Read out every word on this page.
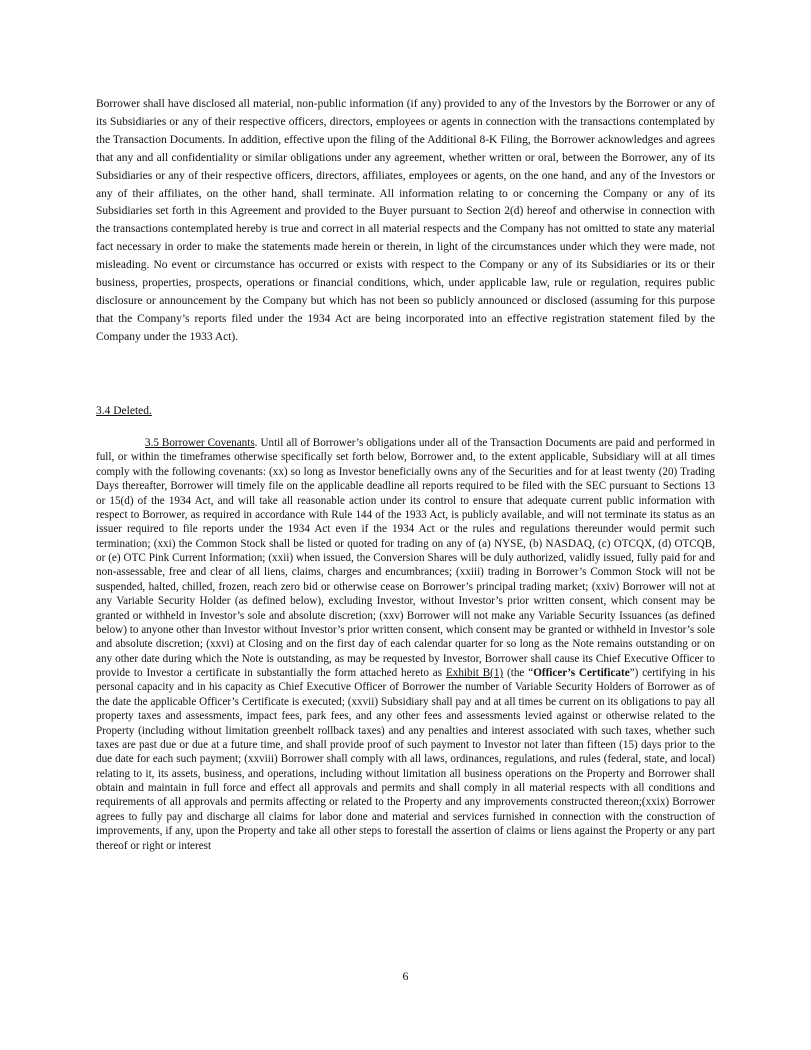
Borrower shall have disclosed all material, non-public information (if any) provided to any of the Investors by the Borrower or any of its Subsidiaries or any of their respective officers, directors, employees or agents in connection with the transactions contemplated by the Transaction Documents. In addition, effective upon the filing of the Additional 8-K Filing, the Borrower acknowledges and agrees that any and all confidentiality or similar obligations under any agreement, whether written or oral, between the Borrower, any of its Subsidiaries or any of their respective officers, directors, affiliates, employees or agents, on the one hand, and any of the Investors or any of their affiliates, on the other hand, shall terminate. All information relating to or concerning the Company or any of its Subsidiaries set forth in this Agreement and provided to the Buyer pursuant to Section 2(d) hereof and otherwise in connection with the transactions contemplated hereby is true and correct in all material respects and the Company has not omitted to state any material fact necessary in order to make the statements made herein or therein, in light of the circumstances under which they were made, not misleading. No event or circumstance has occurred or exists with respect to the Company or any of its Subsidiaries or its or their business, properties, prospects, operations or financial conditions, which, under applicable law, rule or regulation, requires public disclosure or announcement by the Company but which has not been so publicly announced or disclosed (assuming for this purpose that the Company’s reports filed under the 1934 Act are being incorporated into an effective registration statement filed by the Company under the 1933 Act).

3.4 Deleted.

3.5 Borrower Covenants. Until all of Borrower’s obligations under all of the Transaction Documents are paid and performed in full, or within the timeframes otherwise specifically set forth below, Borrower and, to the extent applicable, Subsidiary will at all times comply with the following covenants: (xx) so long as Investor beneficially owns any of the Securities and for at least twenty (20) Trading Days thereafter, Borrower will timely file on the applicable deadline all reports required to be filed with the SEC pursuant to Sections 13 or 15(d) of the 1934 Act, and will take all reasonable action under its control to ensure that adequate current public information with respect to Borrower, as required in accordance with Rule 144 of the 1933 Act, is publicly available, and will not terminate its status as an issuer required to file reports under the 1934 Act even if the 1934 Act or the rules and regulations thereunder would permit such termination; (xxi) the Common Stock shall be listed or quoted for trading on any of (a) NYSE, (b) NASDAQ, (c) OTCQX, (d) OTCQB, or (e) OTC Pink Current Information; (xxii) when issued, the Conversion Shares will be duly authorized, validly issued, fully paid for and non-assessable, free and clear of all liens, claims, charges and encumbrances; (xxiii) trading in Borrower’s Common Stock will not be suspended, halted, chilled, frozen, reach zero bid or otherwise cease on Borrower’s principal trading market; (xxiv) Borrower will not at any Variable Security Holder (as defined below), excluding Investor, without Investor’s prior written consent, which consent may be granted or withheld in Investor’s sole and absolute discretion; (xxv) Borrower will not make any Variable Security Issuances (as defined below) to anyone other than Investor without Investor’s prior written consent, which consent may be granted or withheld in Investor’s sole and absolute discretion; (xxvi) at Closing and on the first day of each calendar quarter for so long as the Note remains outstanding or on any other date during which the Note is outstanding, as may be requested by Investor, Borrower shall cause its Chief Executive Officer to provide to Investor a certificate in substantially the form attached hereto as Exhibit B(1) (the “Officer’s Certificate”) certifying in his personal capacity and in his capacity as Chief Executive Officer of Borrower the number of Variable Security Holders of Borrower as of the date the applicable Officer’s Certificate is executed; (xxvii) Subsidiary shall pay and at all times be current on its obligations to pay all property taxes and assessments, impact fees, park fees, and any other fees and assessments levied against or otherwise related to the Property (including without limitation greenbelt rollback taxes) and any penalties and interest associated with such taxes, whether such taxes are past due or due at a future time, and shall provide proof of such payment to Investor not later than fifteen (15) days prior to the due date for each such payment; (xxviii) Borrower shall comply with all laws, ordinances, regulations, and rules (federal, state, and local) relating to it, its assets, business, and operations, including without limitation all business operations on the Property and Borrower shall obtain and maintain in full force and effect all approvals and permits and shall comply in all material respects with all conditions and requirements of all approvals and permits affecting or related to the Property and any improvements constructed thereon;(xxix) Borrower agrees to fully pay and discharge all claims for labor done and material and services furnished in connection with the construction of improvements, if any, upon the Property and take all other steps to forestall the assertion of claims or liens against the Property or any part thereof or right or interest

6
